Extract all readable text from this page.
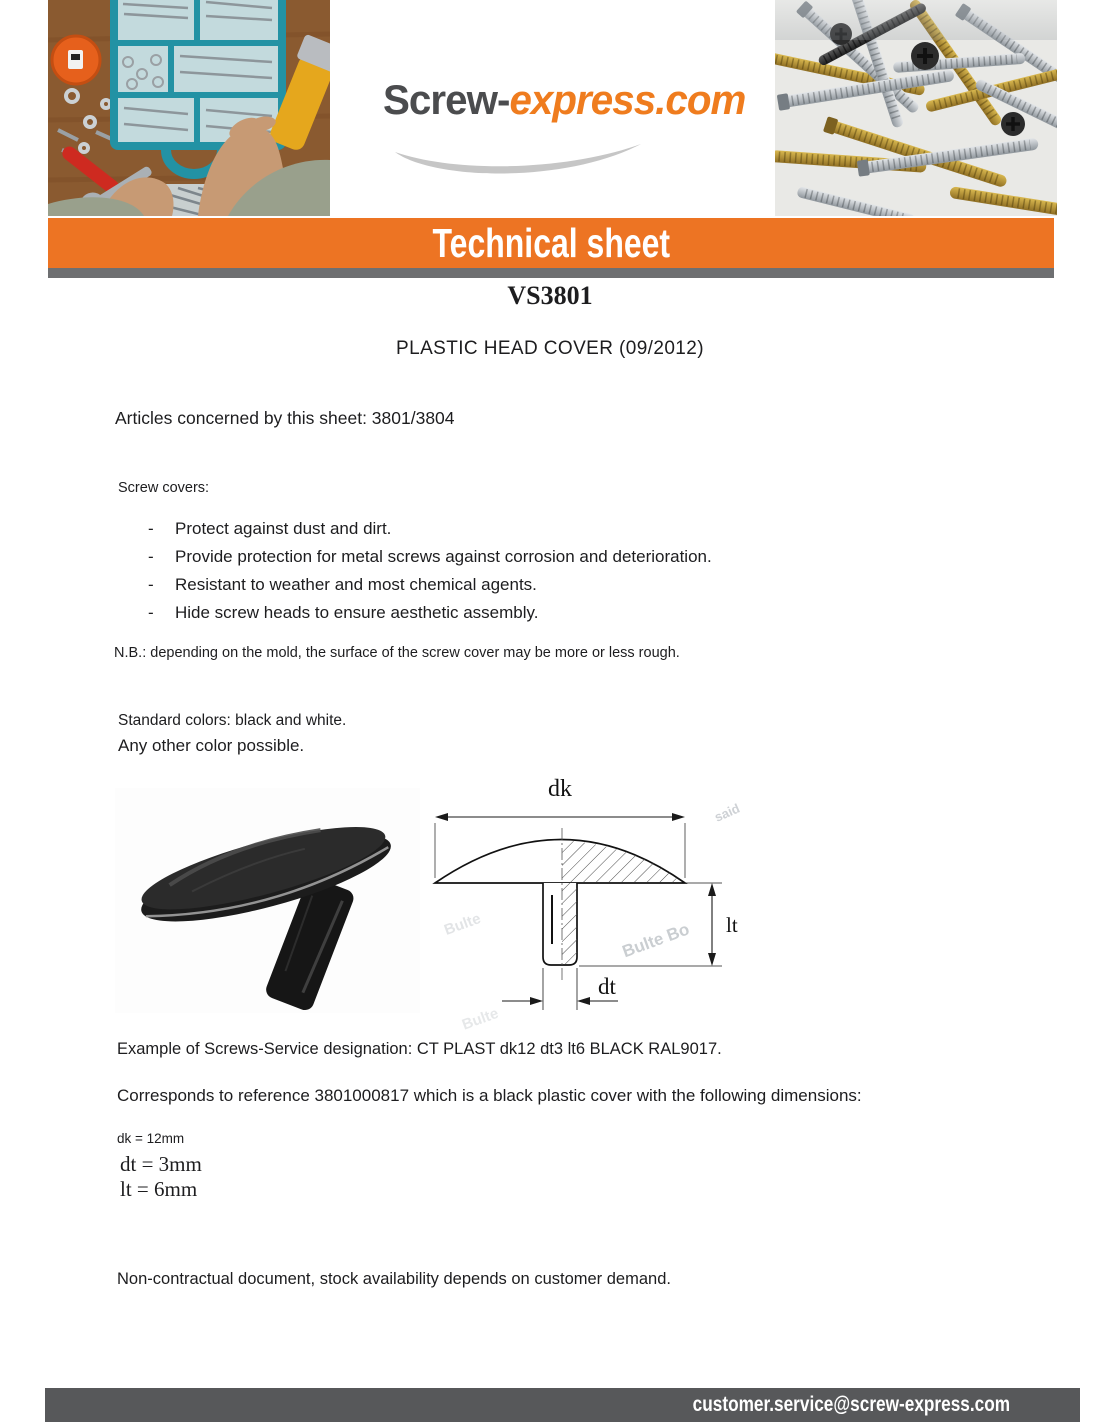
Screw-express.com
Technical sheet
VS3801
PLASTIC HEAD COVER (09/2012)
Articles concerned by this sheet: 3801/3804
Screw covers:
-	Protect against dust and dirt.
-	Provide protection for metal screws against corrosion and deterioration.
-	Resistant to weather and most chemical agents.
-	Hide screw heads to ensure aesthetic assembly.
N.B.: depending on the mold, the surface of the screw cover may be more or less rough.
Standard colors: black and white.
Any other color possible.
Bulte Bo
said
Bulte
Bulte
dk
lt
dt
Example of Screws-Service designation: CT PLAST dk12 dt3 lt6 BLACK RAL9017.
Corresponds to reference 3801000817 which is a black plastic cover with the following dimensions:
dk = 12mm
dt = 3mm
lt = 6mm
Non-contractual document, stock availability depends on customer demand.
customer.service@screw-express.com
